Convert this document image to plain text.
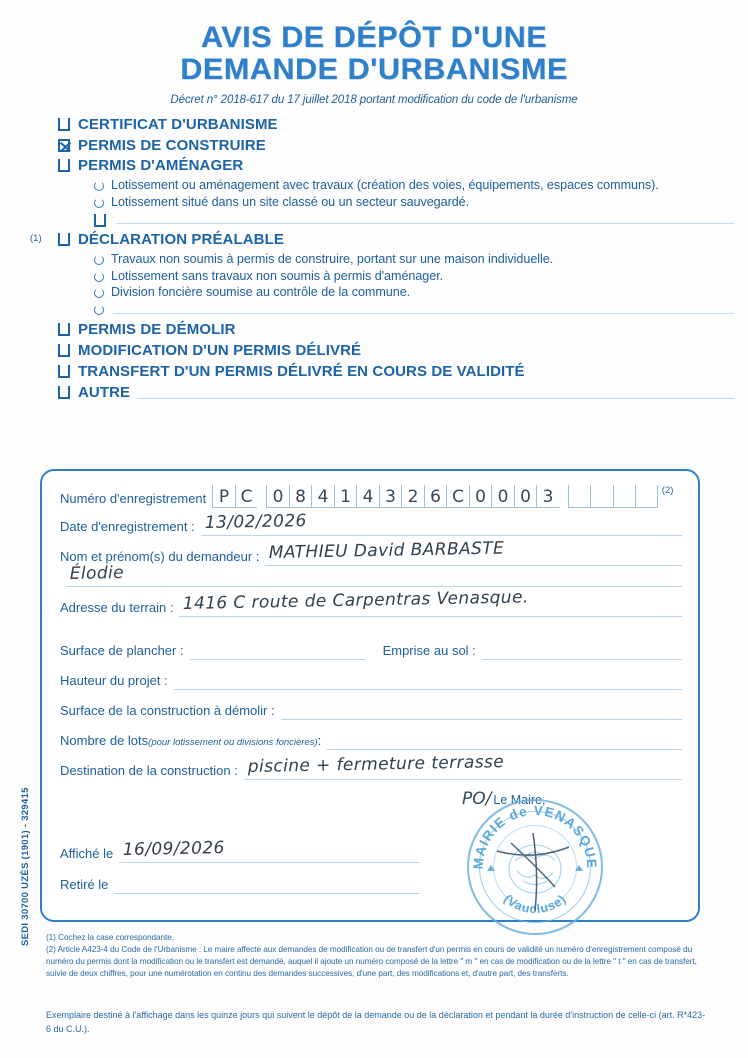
AVIS DE DÉPÔT D'UNE
DEMANDE D'URBANISME
Décret n° 2018-617 du 17 juillet 2018 portant modification du code de l'urbanisme
CERTIFICAT D'URBANISME
PERMIS DE CONSTRUIRE
PERMIS D'AMÉNAGER
Lotissement ou aménagement avec travaux (création des voies, équipements, espaces communs).
Lotissement situé dans un site classé ou un secteur sauvegardé.
(1) DÉCLARATION PRÉALABLE
Travaux non soumis à permis de construire, portant sur une maison individuelle.
Lotissement sans travaux non soumis à permis d'aménager.
Division foncière soumise au contrôle de la commune.
PERMIS DE DÉMOLIR
MODIFICATION D'UN PERMIS DÉLIVRÉ
TRANSFERT D'UN PERMIS DÉLIVRÉ EN COURS DE VALIDITÉ
AUTRE
Numéro d'enregistrement P C	0 8 4 1 4 3 2 6 C 0 0 0 3	(2)
Date d'enregistrement : 13/02/2026
Nom et prénom(s) du demandeur : MATHIEU David BARBASTE
Élodie
Adresse du terrain : 1416 C route de Carpentras Venasque.
Surface de plancher :	Emprise au sol :
Hauteur du projet :
Surface de la construction à démolir :
Nombre de lots(pour lotissement ou divisions foncières):
Destination de la construction : piscine + fermeture terrasse
PO/ Le Maire,
MAIRIE de VENASQUE
(Vaucluse)
Affiché le 16/09/2026
Retiré le

(1) Cochez la case correspondante.

(2) Article A423-4 du Code de l'Urbanisme : Le maire affecte aux demandes de modification ou de transfert d'un permis en cours de validité un numéro d'enregistrement composé du numéro du permis dont la modification ou le transfert est demandé, auquel il ajoute un numéro composé de la lettre " m " en cas de modification ou de la lettre " t " en cas de transfert, suivie de deux chiffres, pour une numérotation en continu des demandes successives, d'une part, des modifications et, d'autre part, des transferts.

Exemplaire destiné à l'affichage dans les quinze jours qui suivent le dépôt de la demande ou de la déclaration et pendant la durée d'instruction de celle-ci (art. R*423-6 du C.U.).
SEDI 30700 UZÈS (1901) - 329415
